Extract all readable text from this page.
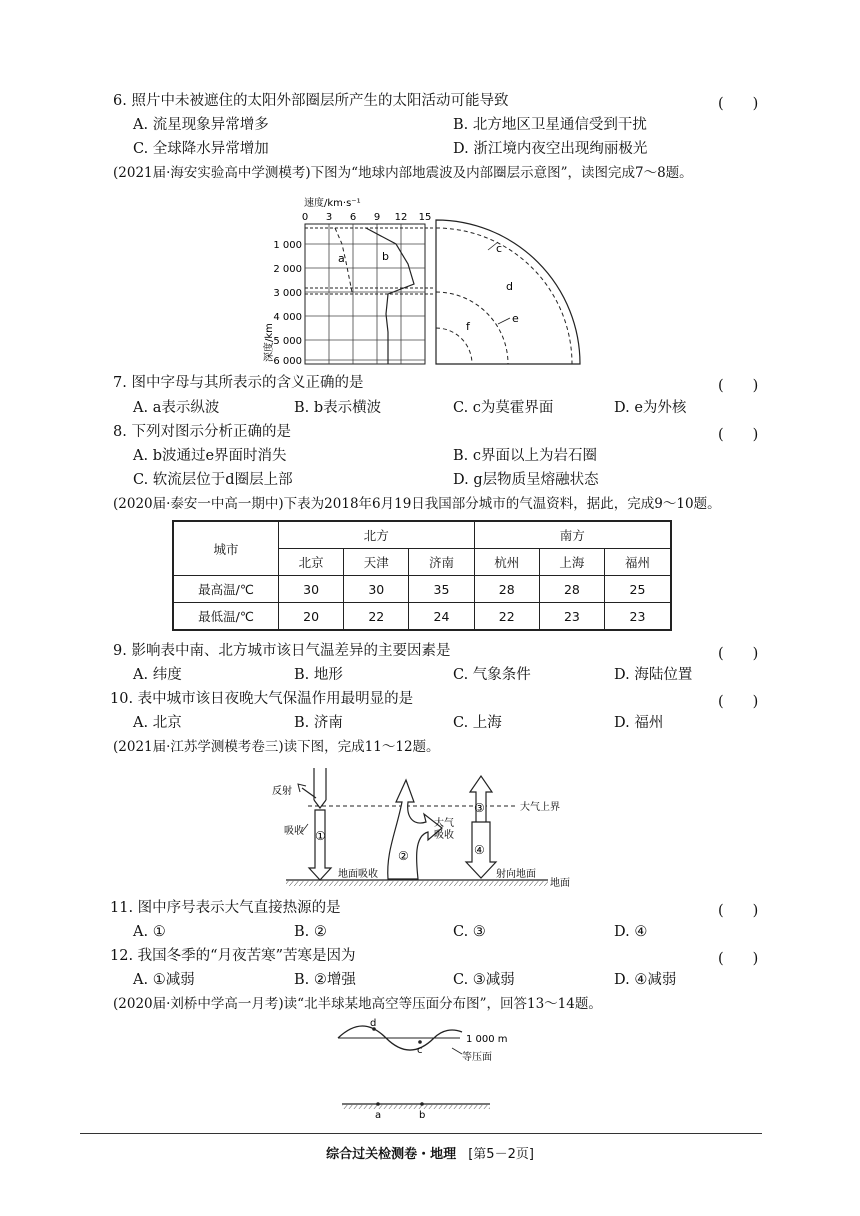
6. 照片中未被遮住的太阳外部圈层所产生的太阳活动可能导致	(　　)
A. 流星现象异常增多	B. 北方地区卫星通信受到干扰
C. 全球降水异常增加	D. 浙江境内夜空出现绚丽极光
(2021届·海安实验高中学测模考)下图为“地球内部地震波及内部圈层示意图”，读图完成7～8题。
速度/km·s⁻¹
0 3 6 9 12 15
1 000
2 000
3 000
4 000
5 000
6 000
深度/km
a	b
c
d
e
f
7. 图中字母与其所表示的含义正确的是	(　　)
A. a表示纵波	B. b表示横波	C. c为莫霍界面	D. e为外核
8. 下列对图示分析正确的是	(　　)
A. b波通过e界面时消失	B. c界面以上为岩石圈
C. 软流层位于d圈层上部	D. g层物质呈熔融状态
(2020届·泰安一中高一期中)下表为2018年6月19日我国部分城市的气温资料，据此，完成9～10题。
城市	北方			南方		
	北京	天津	济南	杭州	上海	福州
最高温/℃	30	30	35	28	28	25
最低温/℃	20	22	24	22	23	23
9. 影响表中南、北方城市该日气温差异的主要因素是	(　　)
A. 纬度	B. 地形	C. 气象条件	D. 海陆位置
10. 表中城市该日夜晚大气保温作用最明显的是	(　　)
A. 北京	B. 济南	C. 上海	D. 福州
(2021届·江苏学测模考卷三)读下图，完成11～12题。
大气上界
地面
反射
吸收 ①
地面吸收
②
大气
吸收
③
④
射向地面
11. 图中序号表示大气直接热源的是	(　　)
A. ①	B. ②	C. ③	D. ④
12. 我国冬季的“月夜苦寒”苦寒是因为	(　　)
A. ①减弱	B. ②增强	C. ③减弱	D. ④减弱
(2020届·刘桥中学高一月考)读“北半球某地高空等压面分布图”，回答13～14题。
d
c
1 000 m
等压面
a	b
综合过关检测卷・地理 [第5－2页]
